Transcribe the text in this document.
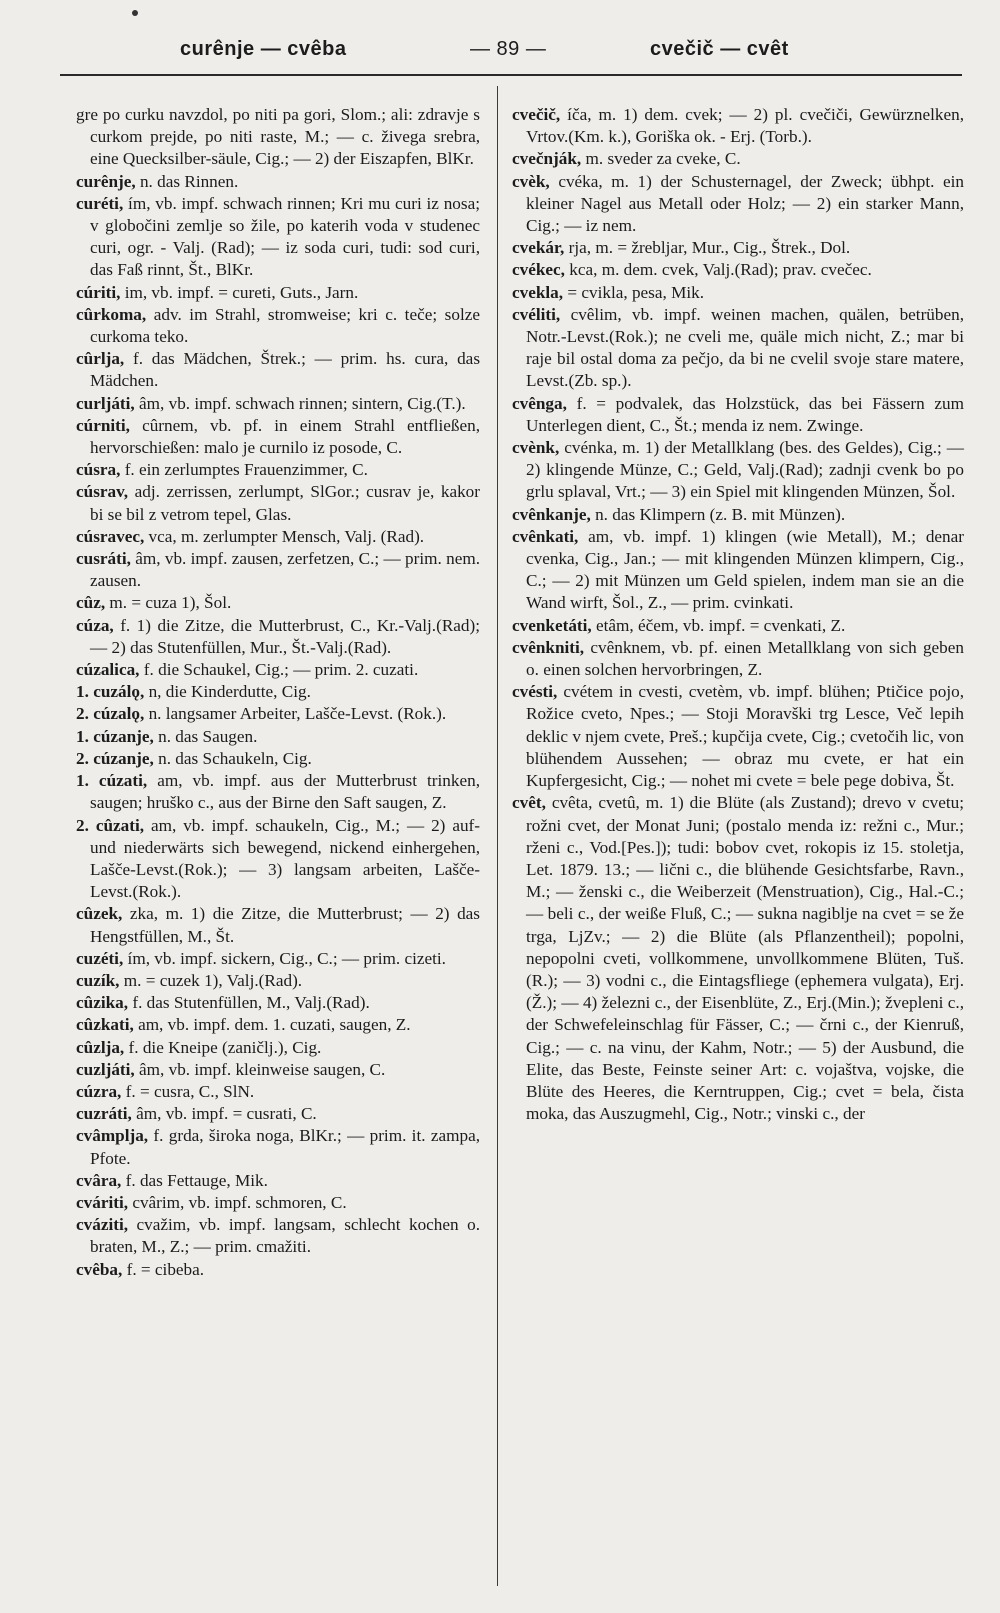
curênje — cvêba	— 89 —	cvečič — cvêt

gre po curku navzdol, po niti pa gori, Slom.; ali: zdravje s curkom prejde, po niti raste, M.; — c. živega srebra, eine Quecksilber-säule, Cig.; — 2) der Eiszapfen, BlKr.

curênje, n. das Rinnen.

curéti, ím, vb. impf. schwach rinnen; Kri mu curi iz nosa; v globočini zemlje so žile, po katerih voda v studenec curi, ogr. - Valj. (Rad); — iz soda curi, tudi: sod curi, das Faß rinnt, Št., BlKr.

cúriti, im, vb. impf. = cureti, Guts., Jarn.

cûrkoma, adv. im Strahl, stromweise; kri c. teče; solze curkoma teko.

cûrlja, f. das Mädchen, Štrek.; — prim. hs. cura, das Mädchen.

curljáti, âm, vb. impf. schwach rinnen; sintern, Cig.(T.).

cúrniti, cûrnem, vb. pf. in einem Strahl entfließen, hervorschießen: malo je curnilo iz posode, C.

cúsra, f. ein zerlumptes Frauenzimmer, C.

cúsrav, adj. zerrissen, zerlumpt, SlGor.; cusrav je, kakor bi se bil z vetrom tepel, Glas.

cúsravec, vca, m. zerlumpter Mensch, Valj. (Rad).

cusráti, âm, vb. impf. zausen, zerfetzen, C.; — prim. nem. zausen.

cûz, m. = cuza 1), Šol.

cúza, f. 1) die Zitze, die Mutterbrust, C., Kr.-Valj.(Rad); — 2) das Stutenfüllen, Mur., Št.-Valj.(Rad).

cúzalica, f. die Schaukel, Cig.; — prim. 2. cuzati.

1. cuzálǫ, n, die Kinderdutte, Cig.

2. cúzalǫ, n. langsamer Arbeiter, Lašče-Levst. (Rok.).

1. cúzanje, n. das Saugen.

2. cúzanje, n. das Schaukeln, Cig.

1. cúzati, am, vb. impf. aus der Mutterbrust trinken, saugen; hruško c., aus der Birne den Saft saugen, Z.

2. cûzati, am, vb. impf. schaukeln, Cig., M.; — 2) auf- und niederwärts sich bewegend, nickend einhergehen, Lašče-Levst.(Rok.); — 3) langsam arbeiten, Lašče-Levst.(Rok.).

cûzek, zka, m. 1) die Zitze, die Mutterbrust; — 2) das Hengstfüllen, M., Št.

cuzéti, ím, vb. impf. sickern, Cig., C.; — prim. cizeti.

cuzík, m. = cuzek 1), Valj.(Rad).

cûzika, f. das Stutenfüllen, M., Valj.(Rad).

cûzkati, am, vb. impf. dem. 1. cuzati, saugen, Z.

cûzlja, f. die Kneipe (zaničlj.), Cig.

cuzljáti, âm, vb. impf. kleinweise saugen, C.

cúzra, f. = cusra, C., SlN.

cuzráti, âm, vb. impf. = cusrati, C.

cvâmplja, f. grda, široka noga, BlKr.; — prim. it. zampa, Pfote.

cvâra, f. das Fettauge, Mik.

cváriti, cvârim, vb. impf. schmoren, C.

cváziti, cvažim, vb. impf. langsam, schlecht kochen o. braten, M., Z.; — prim. cmažiti.

cvêba, f. = cibeba.

cvečič, íča, m. 1) dem. cvek; — 2) pl. cvečiči, Gewürznelken, Vrtov.(Km. k.), Goriška ok. - Erj. (Torb.).

cvečnják, m. sveder za cveke, C.

cvèk, cvéka, m. 1) der Schusternagel, der Zweck; übhpt. ein kleiner Nagel aus Metall oder Holz; — 2) ein starker Mann, Cig.; — iz nem.

cvekár, rja, m. = žrebljar, Mur., Cig., Štrek., Dol.

cvékec, kca, m. dem. cvek, Valj.(Rad); prav. cvečec.

cvekla, = cvikla, pesa, Mik.

cvéliti, cvêlim, vb. impf. weinen machen, quälen, betrüben, Notr.-Levst.(Rok.); ne cveli me, quäle mich nicht, Z.; mar bi raje bil ostal doma za pečjo, da bi ne cvelil svoje stare matere, Levst.(Zb. sp.).

cvênga, f. = podvalek, das Holzstück, das bei Fässern zum Unterlegen dient, C., Št.; menda iz nem. Zwinge.

cvènk, cvénka, m. 1) der Metallklang (bes. des Geldes), Cig.; — 2) klingende Münze, C.; Geld, Valj.(Rad); zadnji cvenk bo po grlu splaval, Vrt.; — 3) ein Spiel mit klingenden Münzen, Šol.

cvênkanje, n. das Klimpern (z. B. mit Münzen).

cvênkati, am, vb. impf. 1) klingen (wie Metall), M.; denar cvenka, Cig., Jan.; — mit klingenden Münzen klimpern, Cig., C.; — 2) mit Münzen um Geld spielen, indem man sie an die Wand wirft, Šol., Z., — prim. cvinkati.

cvenketáti, etâm, éčem, vb. impf. = cvenkati, Z.

cvênkniti, cvênknem, vb. pf. einen Metallklang von sich geben o. einen solchen hervorbringen, Z.

cvésti, cvétem in cvesti, cvetèm, vb. impf. blühen; Ptičice pojo, Rožice cveto, Npes.; — Stoji Moravški trg Lesce, Več lepih deklic v njem cvete, Preš.; kupčija cvete, Cig.; cvetočih lic, von blühendem Aussehen; — obraz mu cvete, er hat ein Kupfergesicht, Cig.; — nohet mi cvete = bele pege dobiva, Št.

cvêt, cvêta, cvetû, m. 1) die Blüte (als Zustand); drevo v cvetu; rožni cvet, der Monat Juni; (postalo menda iz: režni c., Mur.; rženi c., Vod.[Pes.]); tudi: bobov cvet, rokopis iz 15. stoletja, Let. 1879. 13.; — lični c., die blühende Gesichtsfarbe, Ravn., M.; — ženski c., die Weiberzeit (Menstruation), Cig., Hal.-C.; — beli c., der weiße Fluß, C.; — sukna nagiblje na cvet = se že trga, LjZv.; — 2) die Blüte (als Pflanzentheil); popolni, nepopolni cveti, vollkommene, unvollkommene Blüten, Tuš.(R.); — 3) vodni c., die Eintagsfliege (ephemera vulgata), Erj.(Ž.); — 4) železni c., der Eisenblüte, Z., Erj.(Min.); žvepleni c., der Schwefeleinschlag für Fässer, C.; — črni c., der Kienruß, Cig.; — c. na vinu, der Kahm, Notr.; — 5) der Ausbund, die Elite, das Beste, Feinste seiner Art: c. vojaštva, vojske, die Blüte des Heeres, die Kerntruppen, Cig.; cvet = bela, čista moka, das Auszugmehl, Cig., Notr.; vinski c., der
